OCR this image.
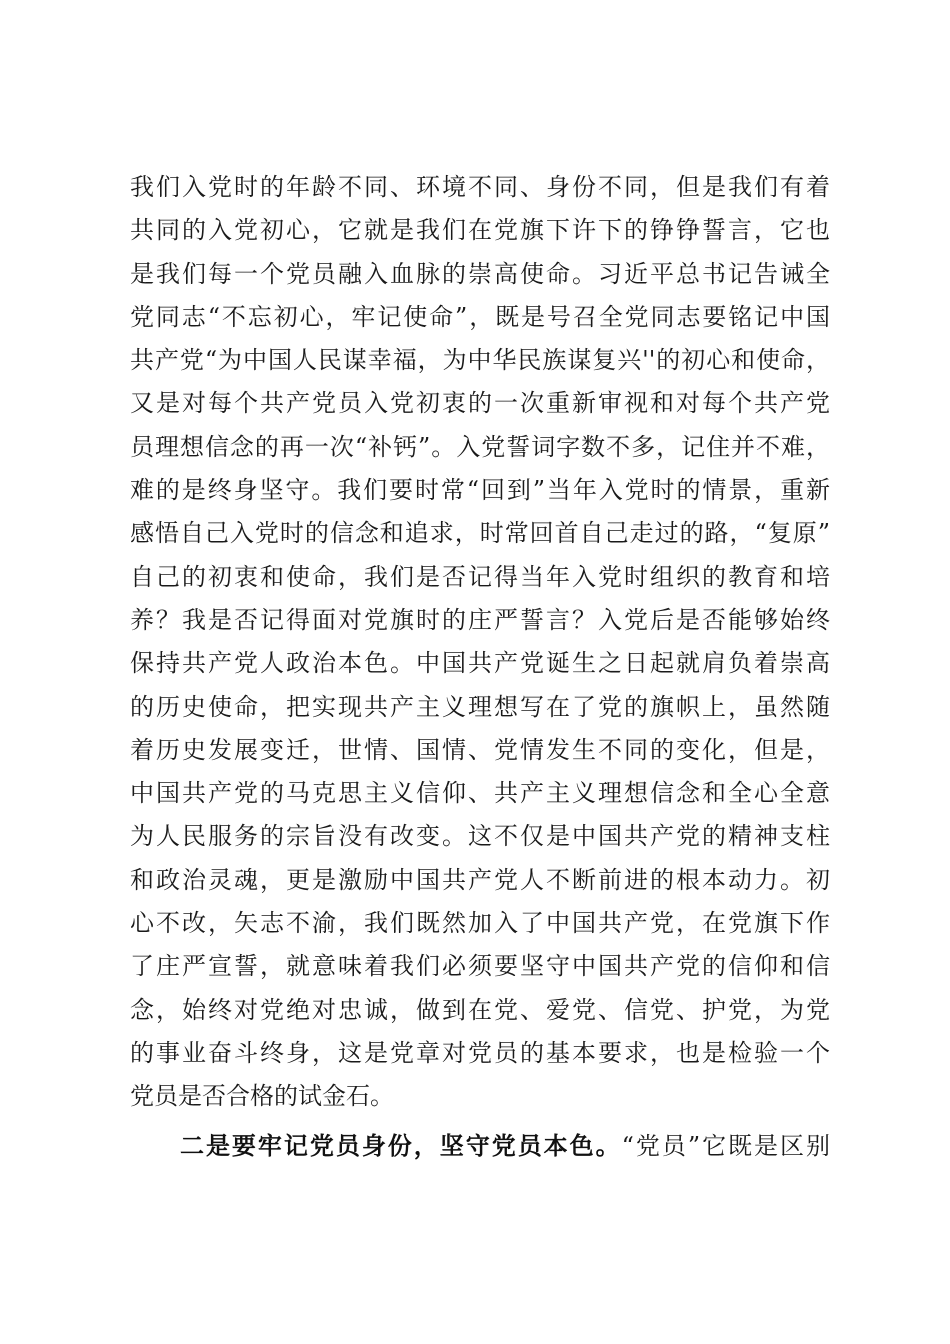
我们入党时的年龄不同、环境不同、身份不同，但是我们有着
共同的入党初心，它就是我们在党旗下许下的铮铮誓言，它也
是我们每一个党员融入血脉的崇高使命。习近平总书记告诫全
党同志“不忘初心，牢记使命”，既是号召全党同志要铭记中国
共产党“为中国人民谋幸福，为中华民族谋复兴''的初心和使命，
又是对每个共产党员入党初衷的一次重新审视和对每个共产党
员理想信念的再一次“补钙”。入党誓词字数不多，记住并不难，
难的是终身坚守。我们要时常“回到”当年入党时的情景，重新
感悟自己入党时的信念和追求，时常回首自己走过的路，“复原”
自己的初衷和使命，我们是否记得当年入党时组织的教育和培
养？我是否记得面对党旗时的庄严誓言？入党后是否能够始终
保持共产党人政治本色。中国共产党诞生之日起就肩负着崇高
的历史使命，把实现共产主义理想写在了党的旗帜上，虽然随
着历史发展变迁，世情、国情、党情发生不同的变化，但是，
中国共产党的马克思主义信仰、共产主义理想信念和全心全意
为人民服务的宗旨没有改变。这不仅是中国共产党的精神支柱
和政治灵魂，更是激励中国共产党人不断前进的根本动力。初
心不改，矢志不渝，我们既然加入了中国共产党，在党旗下作
了庄严宣誓，就意味着我们必须要坚守中国共产党的信仰和信
念，始终对党绝对忠诚，做到在党、爱党、信党、护党，为党
的事业奋斗终身，这是党章对党员的基本要求，也是检验一个
党员是否合格的试金石。
二是要牢记党员身份，坚守党员本色。“党员”它既是区别
